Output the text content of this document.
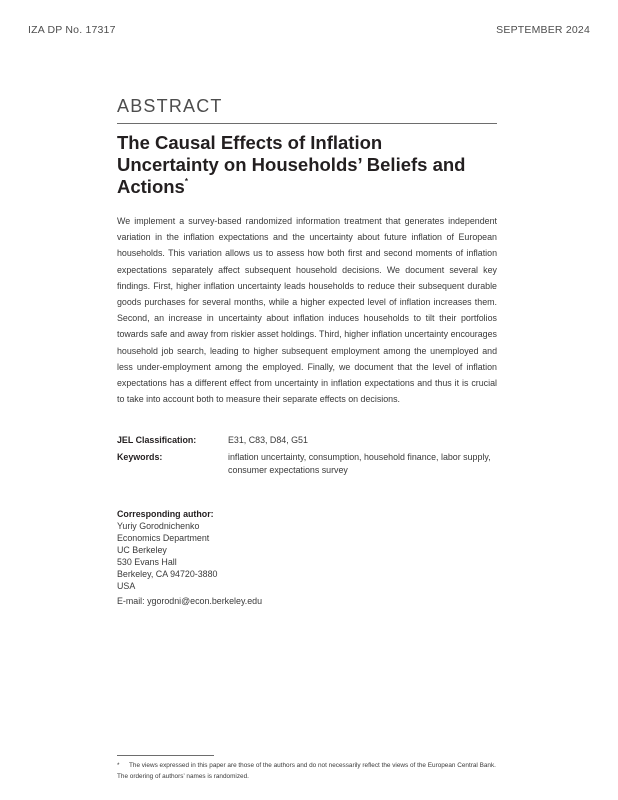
IZA DP No. 17317	SEPTEMBER 2024
ABSTRACT
The Causal Effects of Inflation
Uncertainty on Households’ Beliefs and
Actions*

We implement a survey-based randomized information treatment that generates independent variation in the inflation expectations and the uncertainty about future inflation of European households. This variation allows us to assess how both first and second moments of inflation expectations separately affect subsequent household decisions. We document several key findings. First, higher inflation uncertainty leads households to reduce their subsequent durable goods purchases for several months, while a higher expected level of inflation increases them. Second, an increase in uncertainty about inflation induces households to tilt their portfolios towards safe and away from riskier asset holdings. Third, higher inflation uncertainty encourages household job search, leading to higher subsequent employment among the unemployed and less under-employment among the employed. Finally, we document that the level of inflation expectations has a different effect from uncertainty in inflation expectations and thus it is crucial to take into account both to measure their separate effects on decisions.

JEL Classification:	E31, C83, D84, G51
Keywords:	inflation uncertainty, consumption, household finance, labor supply, consumer expectations survey
Corresponding author:
Yuriy Gorodnichenko
Economics Department
UC Berkeley
530 Evans Hall
Berkeley, CA 94720-3880
USA
E-mail: ygorodni@econ.berkeley.edu
* The views expressed in this paper are those of the authors and do not necessarily reflect the views of the European Central Bank. The ordering of authors’ names is randomized.
